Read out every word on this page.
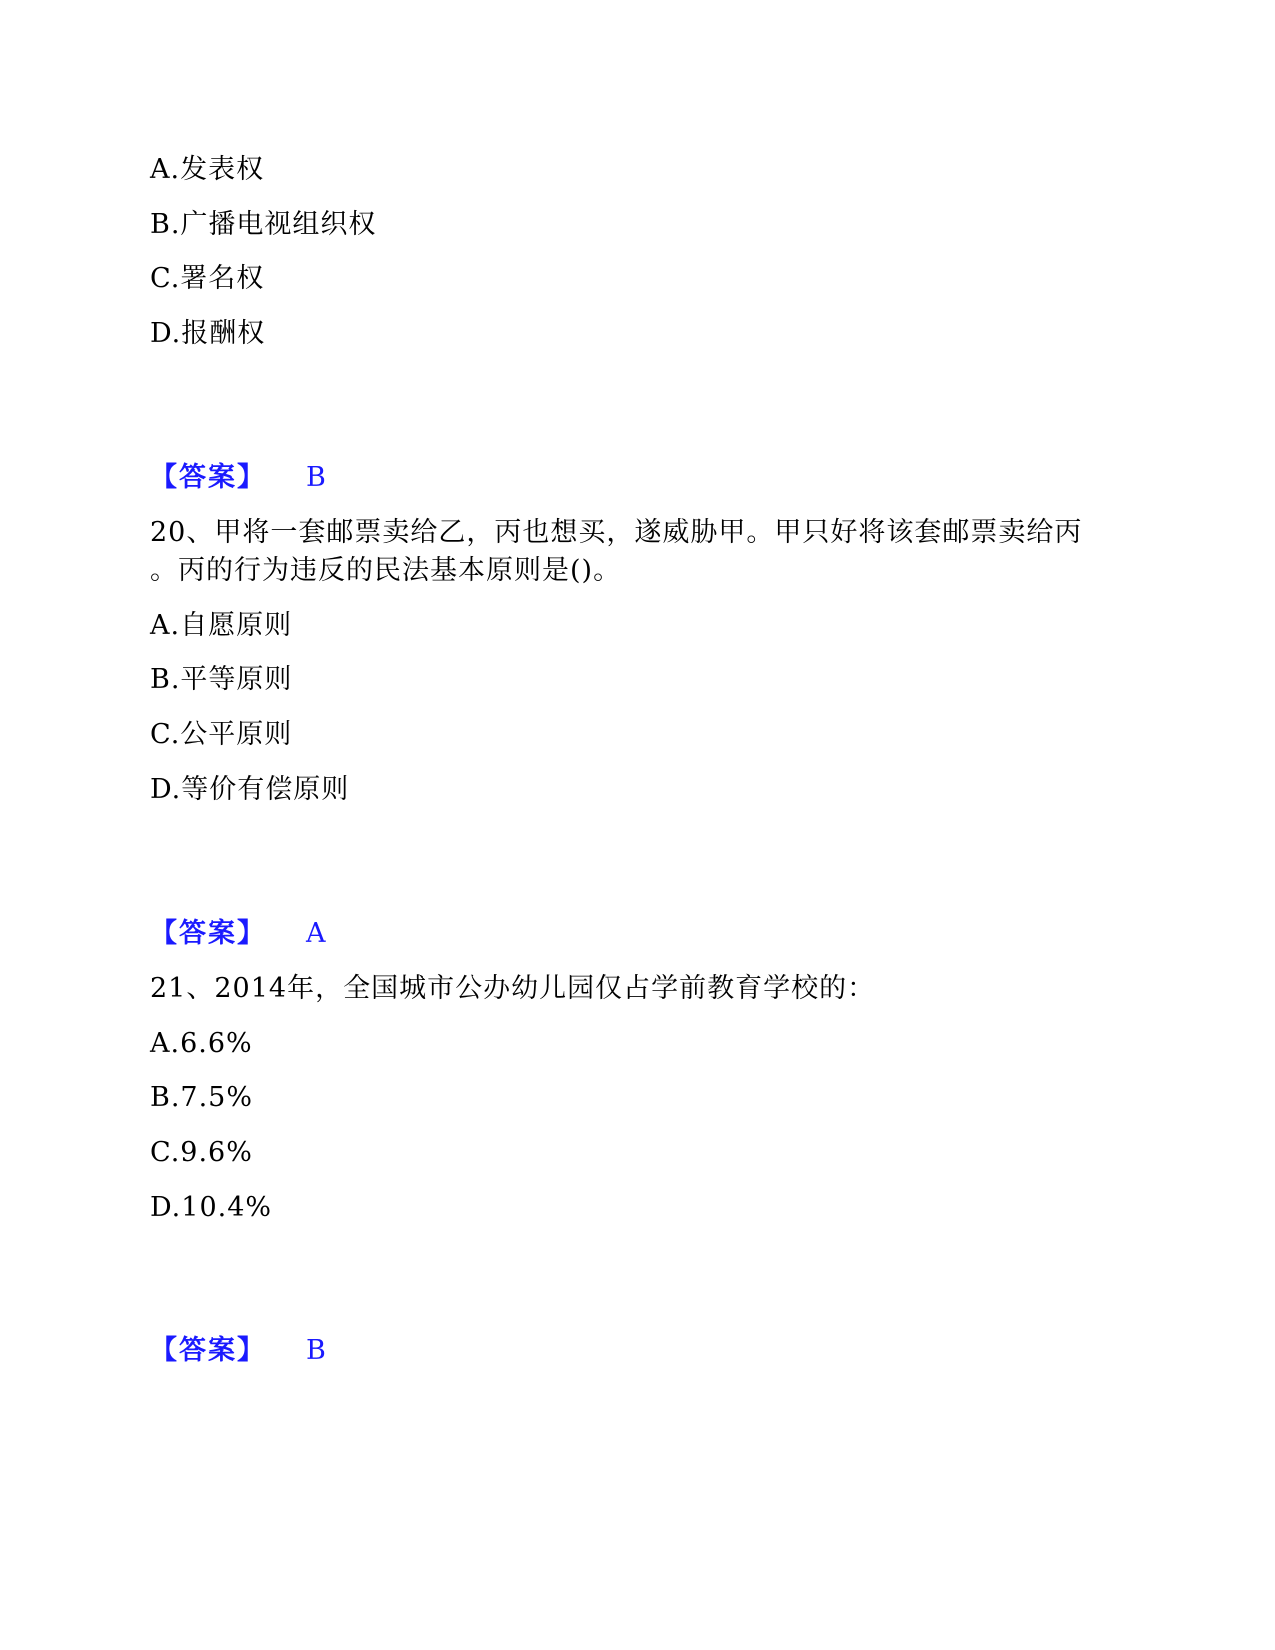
A.发表权
B.广播电视组织权
C.署名权
D.报酬权
【答案】 B
20、甲将一套邮票卖给乙，丙也想买，遂威胁甲。甲只好将该套邮票卖给丙
。丙的行为违反的民法基本原则是()。
A.自愿原则
B.平等原则
C.公平原则
D.等价有偿原则
【答案】 A
21、2014年，全国城市公办幼儿园仅占学前教育学校的：
A.6.6%
B.7.5%
C.9.6%
D.10.4%
【答案】 B
